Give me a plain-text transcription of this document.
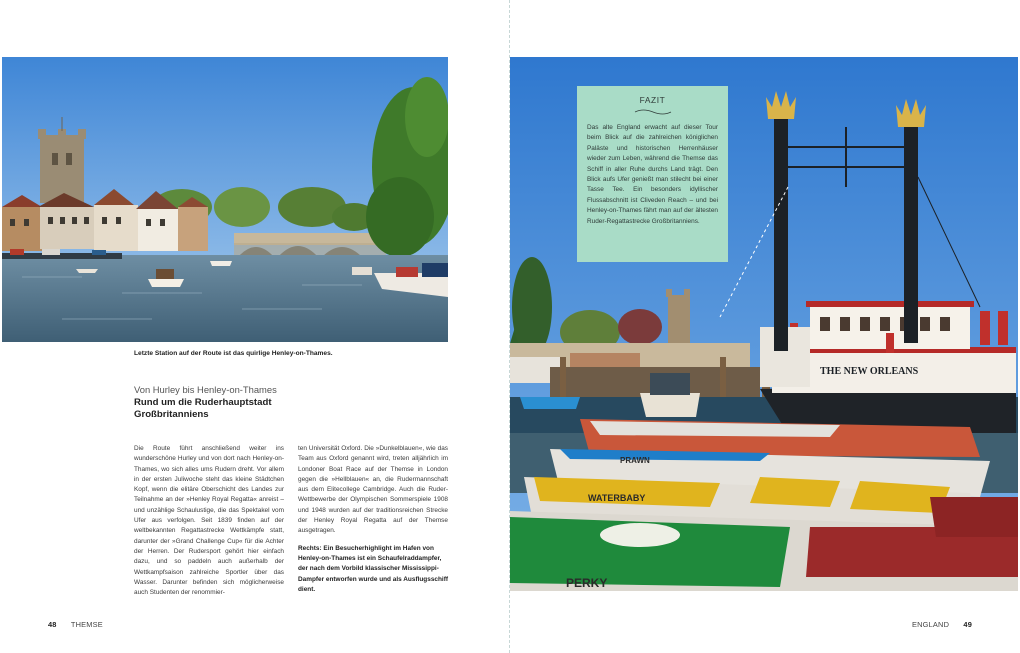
Letzte Station auf der Route ist das quirlige Henley-on-Thames.
Von Hurley bis Henley-on-Thames
Rund um die Ruderhauptstadt Großbritanniens
Die Route führt anschließend weiter ins wunderschöne Hurley und von dort nach Henley-on-Thames, wo sich alles ums Rudern dreht. Vor allem in der ersten Juliwoche steht das kleine Städtchen Kopf, wenn die elitäre Oberschicht des Landes zur Teilnahme an der »Henley Royal Regatta« anreist – und unzählige Schaulustige, die das Spektakel vom Ufer aus verfolgen. Seit 1839 finden auf der weltbekannten Regattastrecke Wettkämpfe statt, darunter der »Grand Challenge Cup« für die Achter der Herren. Der Rudersport gehört hier einfach dazu, und so paddeln auch außerhalb der Wettkampfsaison zahlreiche Sportler über das Wasser. Darunter befinden sich möglicherweise auch Studenten der renommier-
ten Universität Oxford. Die »Dunkelblauen«, wie das Team aus Oxford genannt wird, treten alljährlich im Londoner Boat Race auf der Themse in London gegen die »Hellblauen« an, die Rudermannschaft aus dem Elitecollege Cambridge. Auch die Ruder-Wettbewerbe der Olympischen Sommerspiele 1908 und 1948 wurden auf der traditionsreichen Strecke der Henley Royal Regatta auf der Themse ausgetragen.
Rechts: Ein Besucherhighlight im Hafen von Henley-on-Thames ist ein Schaufelraddampfer, der nach dem Vorbild klassischer Mississippi-Dampfer entworfen wurde und als Ausflugsschiff dient.
48 THEMSE
THE NEW ORLEANS
PRAWN
WATERBABY
PERKY
FAZIT
Das alte England erwacht auf dieser Tour beim Blick auf die zahlreichen königlichen Paläste und historischen Herrenhäuser wieder zum Leben, während die Themse das Schiff in aller Ruhe durchs Land trägt. Den Blick aufs Ufer genießt man stilecht bei einer Tasse Tee. Ein besonders idyllischer Flussabschnitt ist Cliveden Reach – und bei Henley-on-Thames fährt man auf der ältesten Ruder-Regattastrecke Großbritanniens.
ENGLAND 49
